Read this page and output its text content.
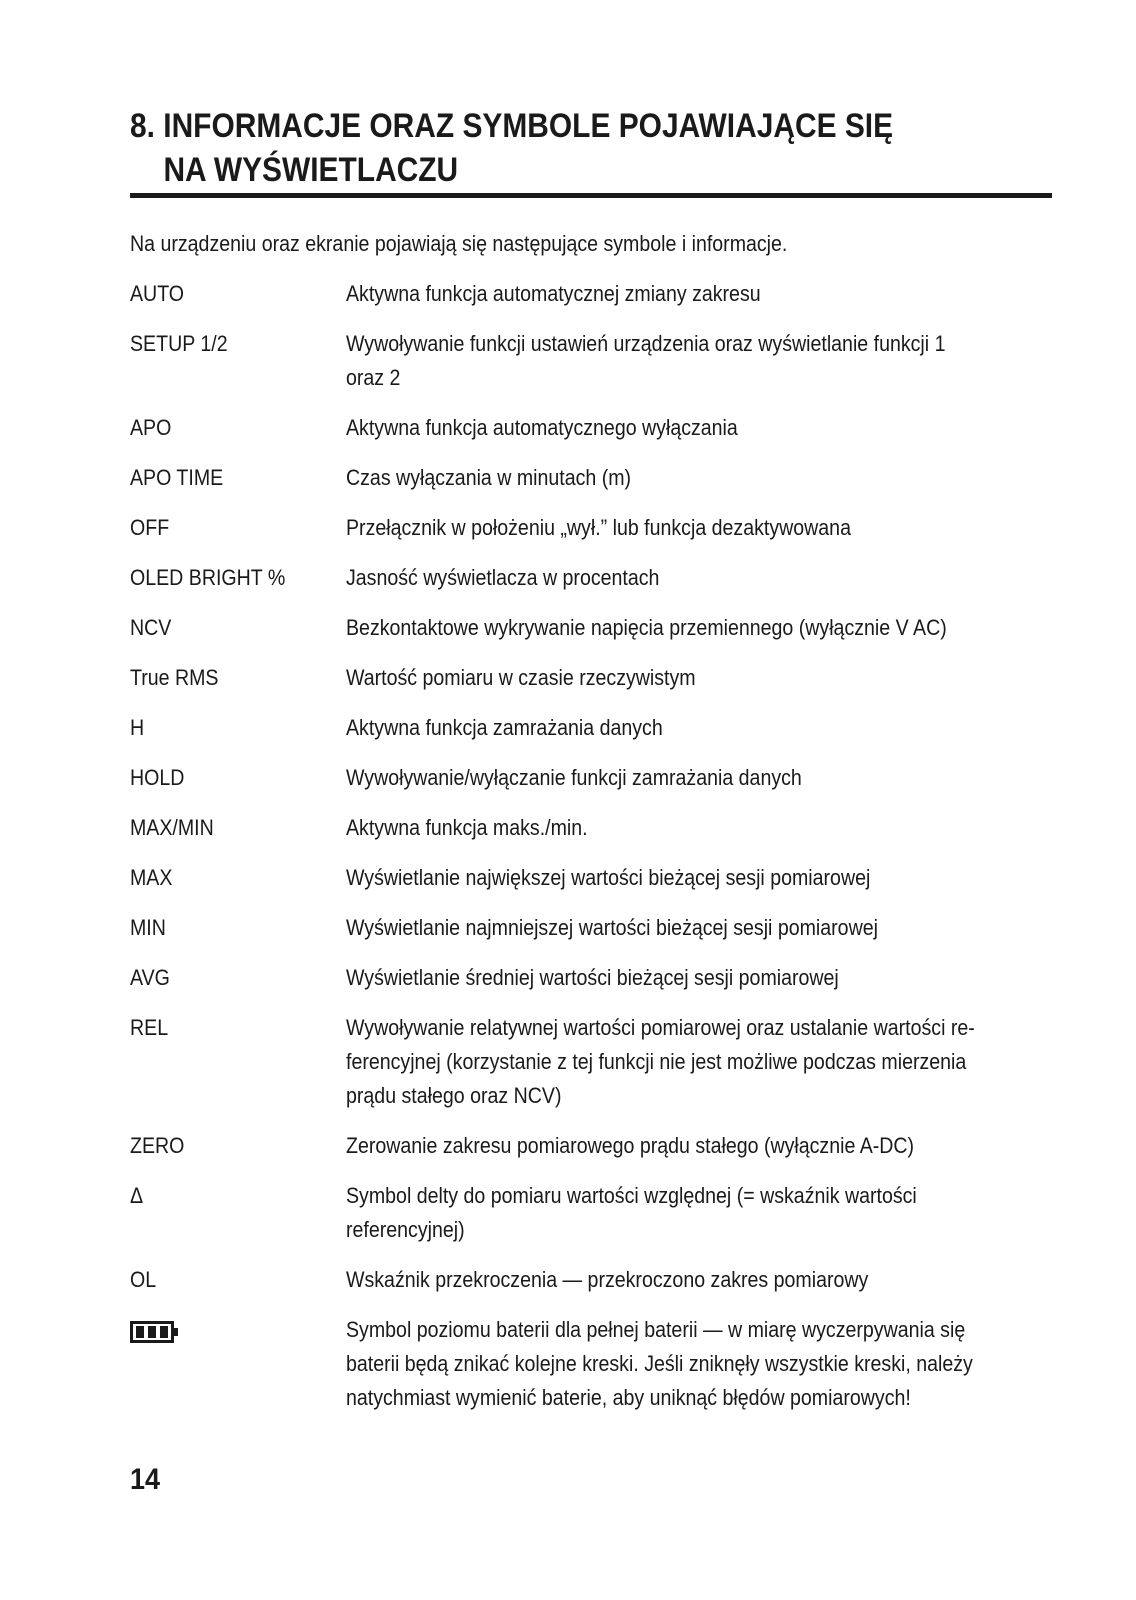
8. INFORMACJE ORAZ SYMBOLE POJAWIAJĄCE SIĘ
NA WYŚWIETLACZU
Na urządzeniu oraz ekranie pojawiają się następujące symbole i informacje.
AUTO	Aktywna funkcja automatycznej zmiany zakresu
SETUP 1/2	Wywoływanie funkcji ustawień urządzenia oraz wyświetlanie funkcji 1
oraz 2
APO	Aktywna funkcja automatycznego wyłączania
APO TIME	Czas wyłączania w minutach (m)
OFF	Przełącznik w położeniu „wył.” lub funkcja dezaktywowana
OLED BRIGHT %	Jasność wyświetlacza w procentach
NCV	Bezkontaktowe wykrywanie napięcia przemiennego (wyłącznie V AC)
True RMS	Wartość pomiaru w czasie rzeczywistym
H	Aktywna funkcja zamrażania danych
HOLD	Wywoływanie/wyłączanie funkcji zamrażania danych
MAX/MIN	Aktywna funkcja maks./min.
MAX	Wyświetlanie największej wartości bieżącej sesji pomiarowej
MIN	Wyświetlanie najmniejszej wartości bieżącej sesji pomiarowej
AVG	Wyświetlanie średniej wartości bieżącej sesji pomiarowej
REL	Wywoływanie relatywnej wartości pomiarowej oraz ustalanie wartości re-
ferencyjnej (korzystanie z tej funkcji nie jest możliwe podczas mierzenia
prądu stałego oraz NCV)
ZERO	Zerowanie zakresu pomiarowego prądu stałego (wyłącznie A-DC)
Δ	Symbol delty do pomiaru wartości względnej (= wskaźnik wartości
referencyjnej)
OL	Wskaźnik przekroczenia — przekroczono zakres pomiarowy
Symbol poziomu baterii dla pełnej baterii — w miarę wyczerpywania się
baterii będą znikać kolejne kreski. Jeśli zniknęły wszystkie kreski, należy
natychmiast wymienić baterie, aby uniknąć błędów pomiarowych!
14
